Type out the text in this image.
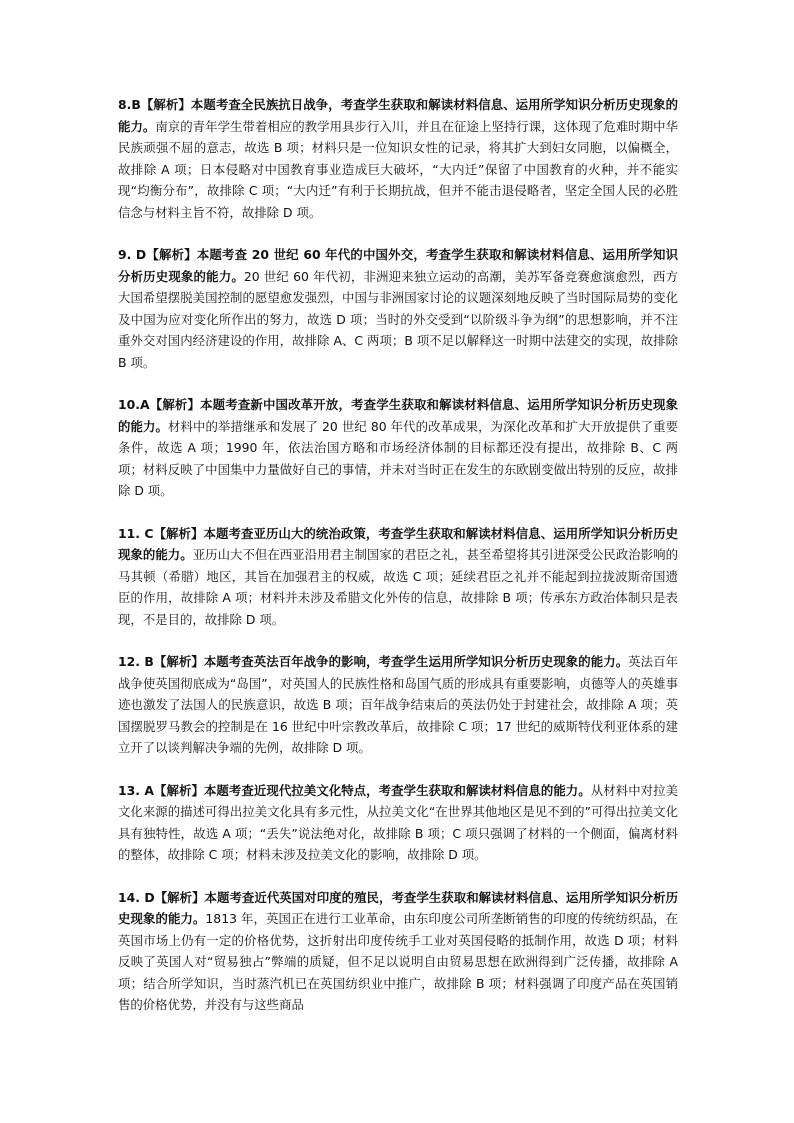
8.B【解析】本题考查全民族抗日战争，考查学生获取和解读材料信息、运用所学知识分析历史现象的能力。南京的青年学生带着相应的教学用具步行入川，并且在征途上坚持行课，这体现了危难时期中华民族顽强不屈的意志，故选 B 项；材料只是一位知识女性的记录，将其扩大到妇女同胞，以偏概全，故排除 A 项；日本侵略对中国教育事业造成巨大破坏，“大内迁”保留了中国教育的火种，并不能实现“均衡分布”，故排除 C 项；“大内迁”有利于长期抗战，但并不能击退侵略者，坚定全国人民的必胜信念与材料主旨不符，故排除 D 项。

9. D【解析】本题考查 20 世纪 60 年代的中国外交，考查学生获取和解读材料信息、运用所学知识分析历史现象的能力。20 世纪 60 年代初，非洲迎来独立运动的高潮，美苏军备竞赛愈演愈烈，西方大国希望摆脱美国控制的愿望愈发强烈，中国与非洲国家讨论的议题深刻地反映了当时国际局势的变化及中国为应对变化所作出的努力，故选 D 项；当时的外交受到“以阶级斗争为纲”的思想影响，并不注重外交对国内经济建设的作用，故排除 A、C 两项；B 项不足以解释这一时期中法建交的实现，故排除 B 项。

10.A【解析】本题考查新中国改革开放，考查学生获取和解读材料信息、运用所学知识分析历史现象的能力。材料中的举措继承和发展了 20 世纪 80 年代的改革成果，为深化改革和扩大开放提供了重要条件，故选 A 项；1990 年，依法治国方略和市场经济体制的目标都还没有提出，故排除 B、C 两项；材料反映了中国集中力量做好自己的事情，并未对当时正在发生的东欧剧变做出特别的反应，故排除 D 项。

11. C【解析】本题考查亚历山大的统治政策，考查学生获取和解读材料信息、运用所学知识分析历史现象的能力。亚历山大不但在西亚沿用君主制国家的君臣之礼，甚至希望将其引进深受公民政治影响的马其顿（希腊）地区，其旨在加强君主的权威，故选 C 项；延续君臣之礼并不能起到拉拢波斯帝国遗臣的作用，故排除 A 项；材料并未涉及希腊文化外传的信息，故排除 B 项；传承东方政治体制只是表现，不是目的，故排除 D 项。

12. B【解析】本题考查英法百年战争的影响，考查学生运用所学知识分析历史现象的能力。英法百年战争使英国彻底成为“岛国”，对英国人的民族性格和岛国气质的形成具有重要影响，贞德等人的英雄事迹也激发了法国人的民族意识，故选 B 项；百年战争结束后的英法仍处于封建社会，故排除 A 项；英国摆脱罗马教会的控制是在 16 世纪中叶宗教改革后，故排除 C 项；17 世纪的威斯特伐利亚体系的建立开了以谈判解决争端的先例，故排除 D 项。

13. A【解析】本题考查近现代拉美文化特点，考查学生获取和解读材料信息的能力。从材料中对拉美文化来源的描述可得出拉美文化具有多元性，从拉美文化“在世界其他地区是见不到的”可得出拉美文化具有独特性，故选 A 项；“丢失”说法绝对化，故排除 B 项；C 项只强调了材料的一个侧面，偏离材料的整体，故排除 C 项；材料未涉及拉美文化的影响，故排除 D 项。

14. D【解析】本题考查近代英国对印度的殖民，考查学生获取和解读材料信息、运用所学知识分析历史现象的能力。1813 年，英国正在进行工业革命，由东印度公司所垄断销售的印度的传统纺织品，在英国市场上仍有一定的价格优势，这折射出印度传统手工业对英国侵略的抵制作用，故选 D 项；材料反映了英国人对“贸易独占”弊端的质疑，但不足以说明自由贸易思想在欧洲得到广泛传播，故排除 A 项；结合所学知识，当时蒸汽机已在英国纺织业中推广，故排除 B 项；材料强调了印度产品在英国销售的价格优势，并没有与这些商品
